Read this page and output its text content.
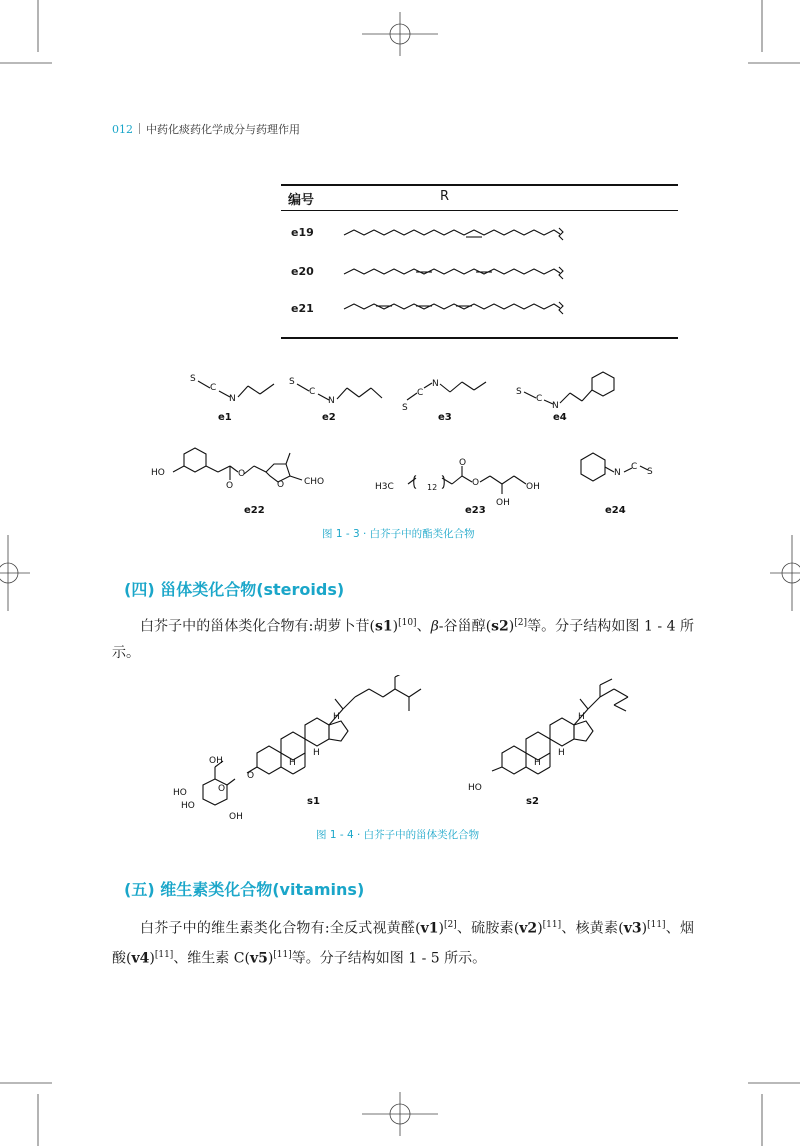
012 中药化痰药化学成分与药理作用
编号	R
e19
e20
e21
S
C
N
S
C
N
S
C
N
S
C
N
HO	O
O
O	CHO	H3C	12
O
O	OH
OH
N
C S
e1	e2	e3	e4
e22	e23	e24
图 1 - 3 · 白芥子中的酯类化合物
(四) 甾体类化合物(steroids)
白芥子中的甾体类化合物有:胡萝卜苷(s1)[10]、β-谷甾醇(s2)[2]等。分子结构如图 1 - 4 所示。
OH
HO
HO
OH
O
O
H
H
H
HO
H
H
H
s1	s2
图 1 - 4 · 白芥子中的甾体类化合物
(五) 维生素类化合物(vitamins)
白芥子中的维生素类化合物有:全反式视黄醛(v1)[2]、硫胺素(v2)[11]、核黄素(v3)[11]、烟酸(v4)[11]、维生素 C(v5)[11]等。分子结构如图 1 - 5 所示。
